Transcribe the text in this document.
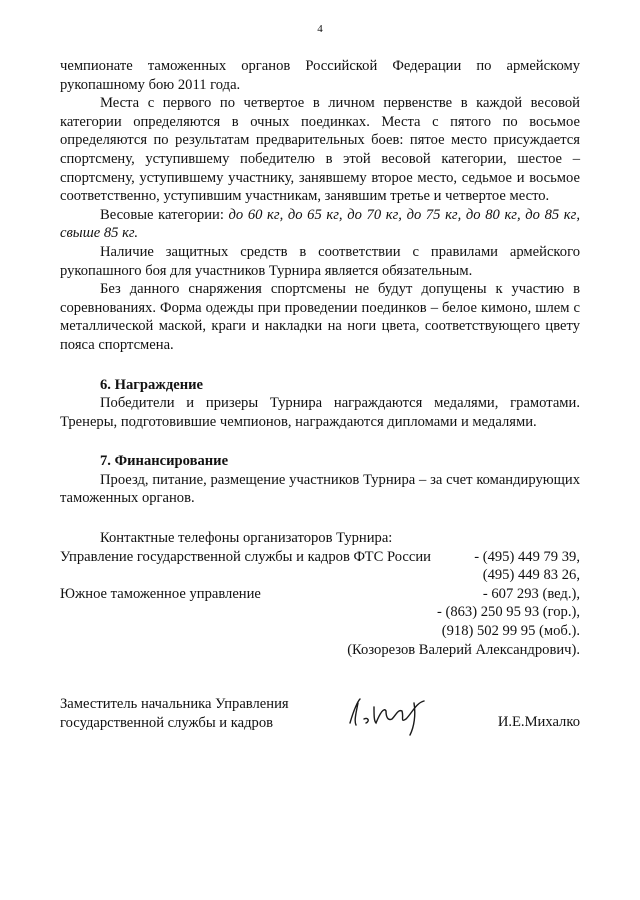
4

чемпионате таможенных органов Российской Федерации по армейскому рукопашному бою 2011 года.

Места с первого по четвертое в личном первенстве в каждой весовой категории определяются в очных поединках. Места с пятого по восьмое определяются по результатам предварительных боев: пятое место присуждается спортсмену, уступившему победителю в этой весовой категории, шестое – спортсмену, уступившему участнику, занявшему второе место, седьмое и восьмое соответственно, уступившим участникам, занявшим третье и четвертое место.

Весовые категории: до 60 кг, до 65 кг, до 70 кг, до 75 кг, до 80 кг, до 85 кг, свыше 85 кг.

Наличие защитных средств в соответствии с правилами армейского рукопашного боя для участников Турнира является обязательным.

Без данного снаряжения спортсмены не будут допущены к участию в соревнованиях. Форма одежды при проведении поединков – белое кимоно, шлем с металлической маской, краги и накладки на ноги цвета, соответствующего цвету пояса спортсмена.

6. Награждение

Победители и призеры Турнира награждаются медалями, грамотами. Тренеры, подготовившие чемпионов, награждаются дипломами и медалями.

7. Финансирование

Проезд, питание, размещение участников Турнира – за счет командирующих таможенных органов.

Контактные телефоны организаторов Турнира:

Управление государственной службы и кадров ФТС России	- (495) 449 79 39,

(495) 449 83 26,

Южное таможенное управление	- 607 293 (вед.),

- (863) 250 95 93 (гор.),

(918) 502 99 95 (моб.).

(Козорезов Валерий Александрович).

Заместитель начальника Управления государственной службы и кадров	И.Е.Михалко
